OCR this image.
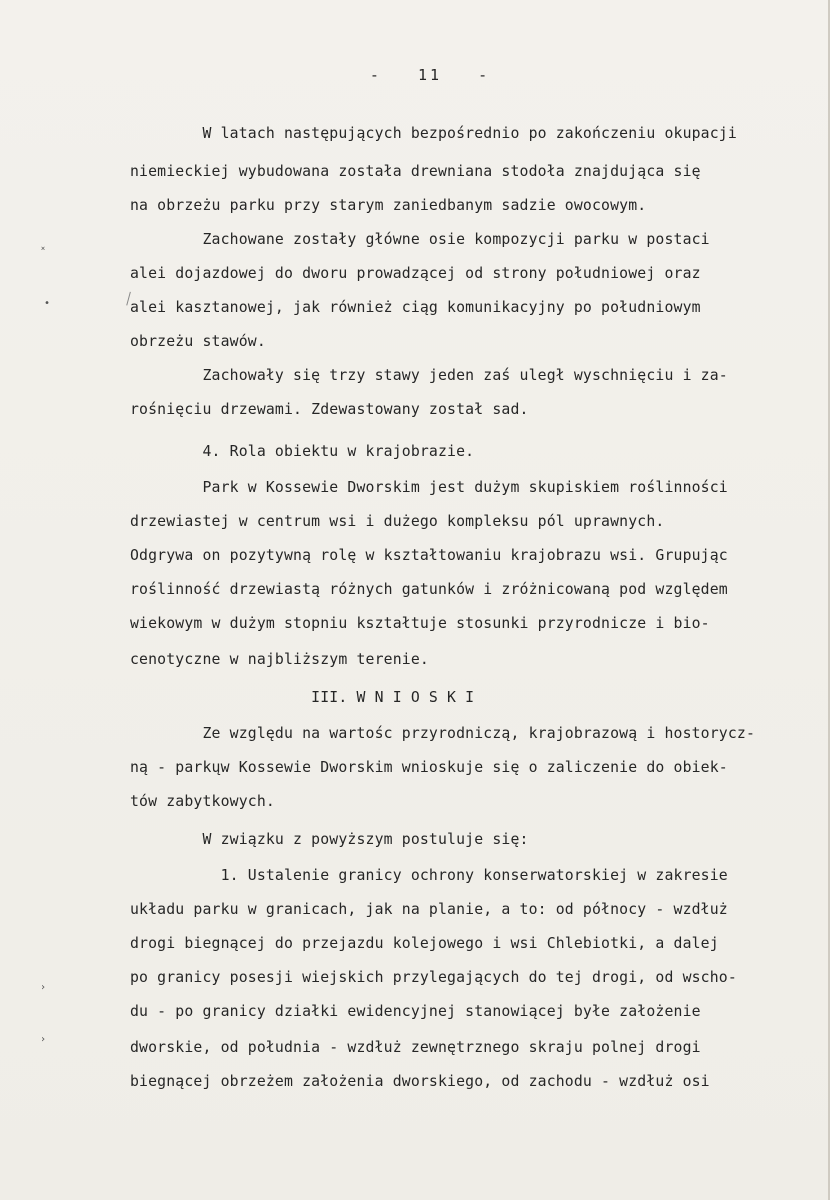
-   11   -
˟
•
›
›
W latach następujących bezpośrednio po zakończeniu okupacji
niemieckiej wybudowana została drewniana stodoła znajdująca się
na obrzeżu parku przy starym zaniedbanym sadzie owocowym.
Zachowane zostały główne osie kompozycji parku w postaci
alei dojazdowej do dworu prowadzącej od strony południowej oraz
alei kasztanowej, jak również ciąg komunikacyjny po południowym
obrzeżu stawów.
Zachowały się trzy stawy jeden zaś uległ wyschnięciu i za-
rośnięciu drzewami. Zdewastowany został sad.
4. Rola obiektu w krajobrazie.
Park w Kossewie Dworskim jest dużym skupiskiem roślinności
drzewiastej w centrum wsi i dużego kompleksu pól uprawnych.
Odgrywa on pozytywną rolę w kształtowaniu krajobrazu wsi. Grupując
roślinność drzewiastą różnych gatunków i zróżnicowaną pod względem
wiekowym w dużym stopniu kształtuje stosunki przyrodnicze i bio-
cenotyczne w najbliższym terenie.
III. W N I O S K I
Ze względu na wartośc przyrodniczą, krajobrazową i hostorycz-
ną - parkųw Kossewie Dworskim wnioskuje się o zaliczenie do obiek-
tów zabytkowych.
W związku z powyższym postuluje się:
1. Ustalenie granicy ochrony konserwatorskiej w zakresie
układu parku w granicach, jak na planie, a to: od północy - wzdłuż
drogi biegnącej do przejazdu kolejowego i wsi Chlebiotki, a dalej
po granicy posesji wiejskich przylegających do tej drogi, od wscho-
du - po granicy działki ewidencyjnej stanowiącej byłe założenie
dworskie, od południa - wzdłuż zewnętrznego skraju polnej drogi
biegnącej obrzeżem założenia dworskiego, od zachodu - wzdłuż osi
